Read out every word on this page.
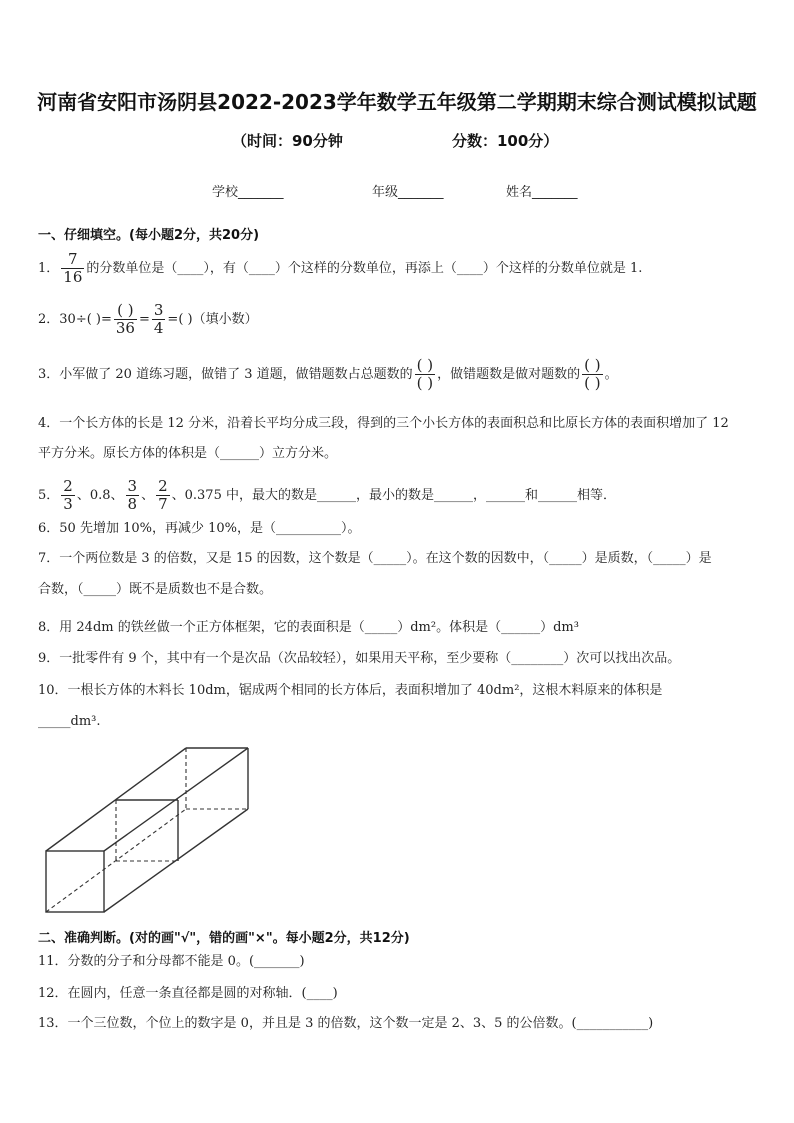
河南省安阳市汤阴县2022-2023学年数学五年级第二学期期末综合测试模拟试题
（时间：90分钟	分数：100分）
学校_______	年级_______	姓名_______
一、仔细填空。(每小题2分，共20分)
1． $\frac{7}{16}$ 的分数单位是（____），有（____）个这样的分数单位，再添上（____）个这样的分数单位就是 1.
2．30÷( )= $\frac{( )}{36} = \frac{3}{4}$ =( )（填小数）
3．小军做了 20 道练习题，做错了 3 道题，做错题数占总题数的 $\frac{( )}{( )}$ ，做错题数是做对题数的 $\frac{( )}{( )}$ 。
4．一个长方体的长是 12 分米，沿着长平均分成三段，得到的三个小长方体的表面积总和比原长方体的表面积增加了 12
平方分米。原长方体的体积是（______）立方分米。
5． $\frac{2}{3}$ 、0.8、 $\frac{3}{8}$ 、 $\frac{2}{7}$ 、0.375 中，最大的数是______，最小的数是______，______和______相等．
6．50 先增加 10%，再减少 10%，是（__________）。
7．一个两位数是 3 的倍数，又是 15 的因数，这个数是（_____）。在这个数的因数中，（_____）是质数，（_____）是
合数，（_____）既不是质数也不是合数。
8．用 24dm 的铁丝做一个正方体框架，它的表面积是（_____）dm²。体积是（______）dm³
9．一批零件有 9 个，其中有一个是次品（次品较轻），如果用天平称，至少要称（________）次可以找出次品。
10．一根长方体的木料长 10dm，锯成两个相同的长方体后，表面积增加了 40dm²，这根木料原来的体积是
_____dm³.
二、准确判断。(对的画"√"，错的画"×"。每小题2分，共12分)
11．分数的分子和分母都不能是 0。(_______)
12．在圆内，任意一条直径都是圆的对称轴．(____)
13．一个三位数，个位上的数字是 0，并且是 3 的倍数，这个数一定是 2、3、5 的公倍数。(___________)
